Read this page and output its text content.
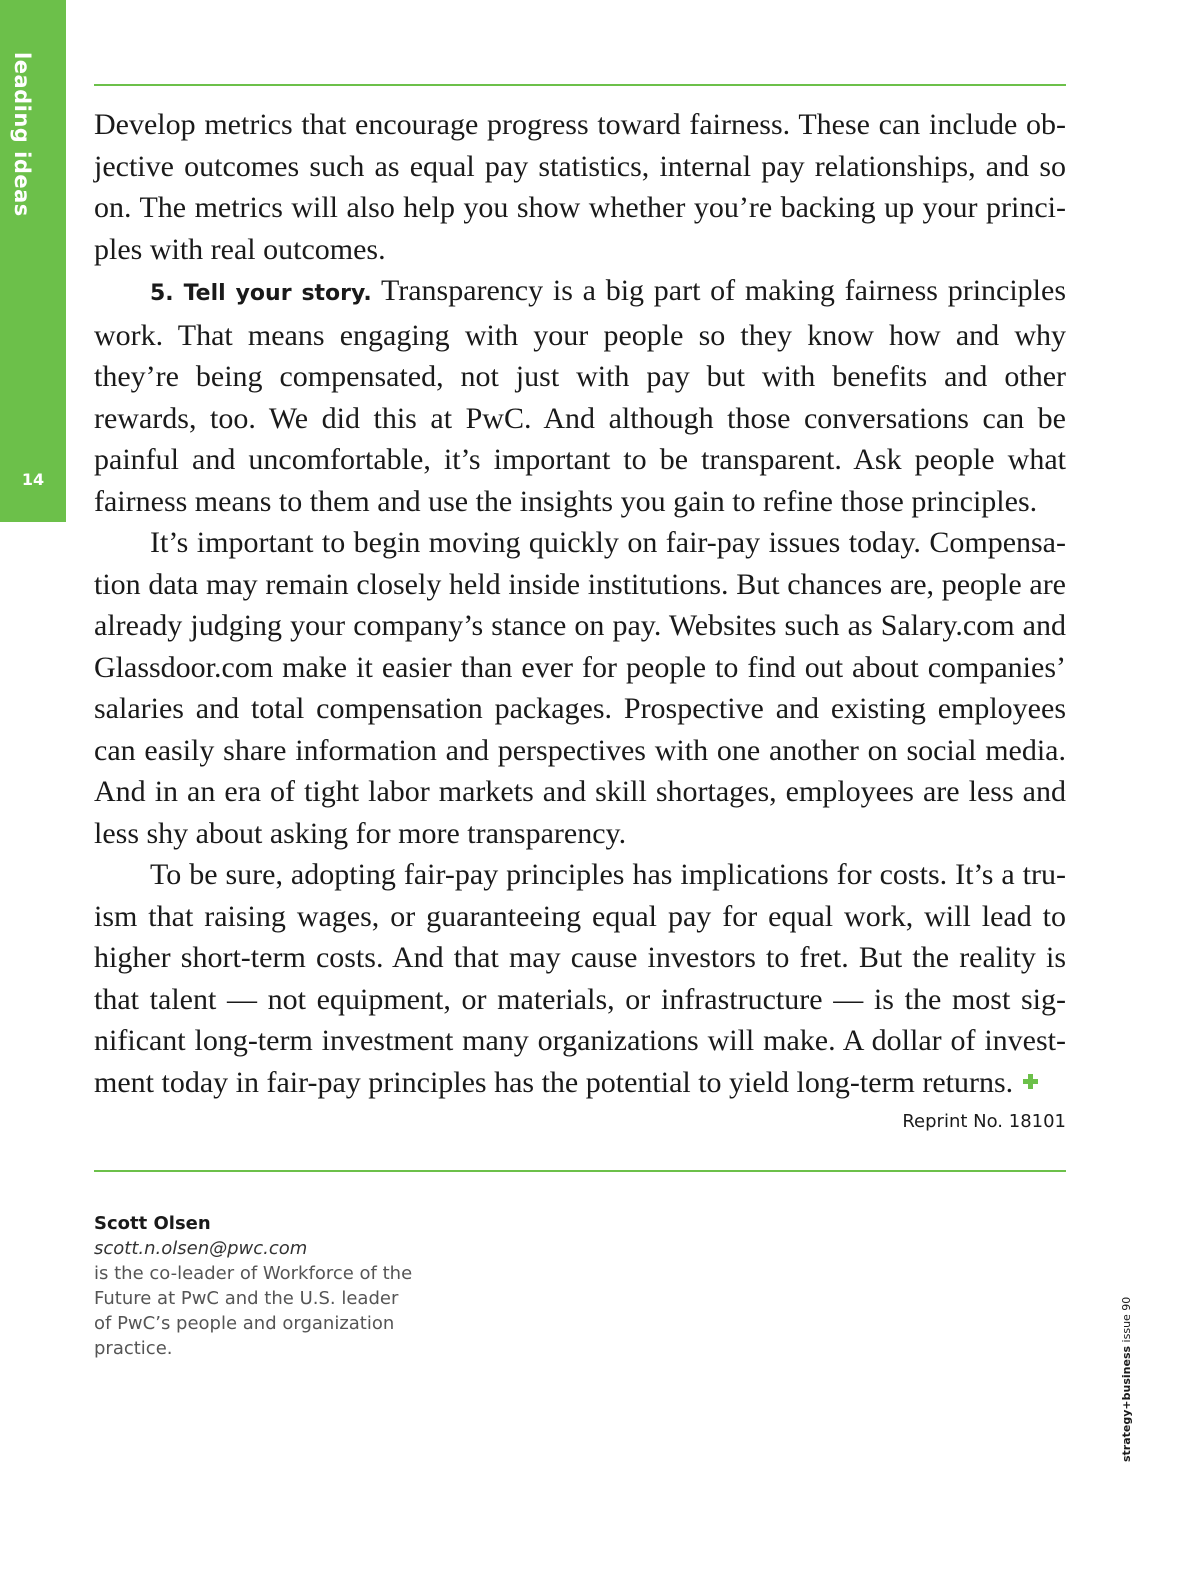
leading ideas
14

Develop metrics that encourage progress toward fairness. These can include objective outcomes such as equal pay statistics, internal pay relationships, and so on. The metrics will also help you show whether you’re backing up your principles with real outcomes.

5. Tell your story. Transparency is a big part of making fairness principles work. That means engaging with your people so they know how and why they’re being compensated, not just with pay but with benefits and other rewards, too. We did this at PwC. And although those conversations can be painful and uncomfortable, it’s important to be transparent. Ask people what fairness means to them and use the insights you gain to refine those principles.

It’s important to begin moving quickly on fair-pay issues today. Compensation data may remain closely held inside institutions. But chances are, people are already judging your company’s stance on pay. Websites such as Salary.com and Glassdoor.com make it easier than ever for people to find out about companies’ salaries and total compensation packages. Prospective and existing employees can easily share information and perspectives with one another on social media. And in an era of tight labor markets and skill shortages, employees are less and less shy about asking for more transparency.

To be sure, adopting fair-pay principles has implications for costs. It’s a truism that raising wages, or guaranteeing equal pay for equal work, will lead to higher short-term costs. And that may cause investors to fret. But the reality is that talent — not equipment, or materials, or infrastructure — is the most significant long-term investment many organizations will make. A dollar of investment today in fair-pay principles has the potential to yield long-term returns.

Reprint No. 18101
Scott Olsen
scott.n.olsen@pwc.com

is the co-leader of Workforce of the Future at PwC and the U.S. leader of PwC’s people and organization practice.	strategy+business issue 90
